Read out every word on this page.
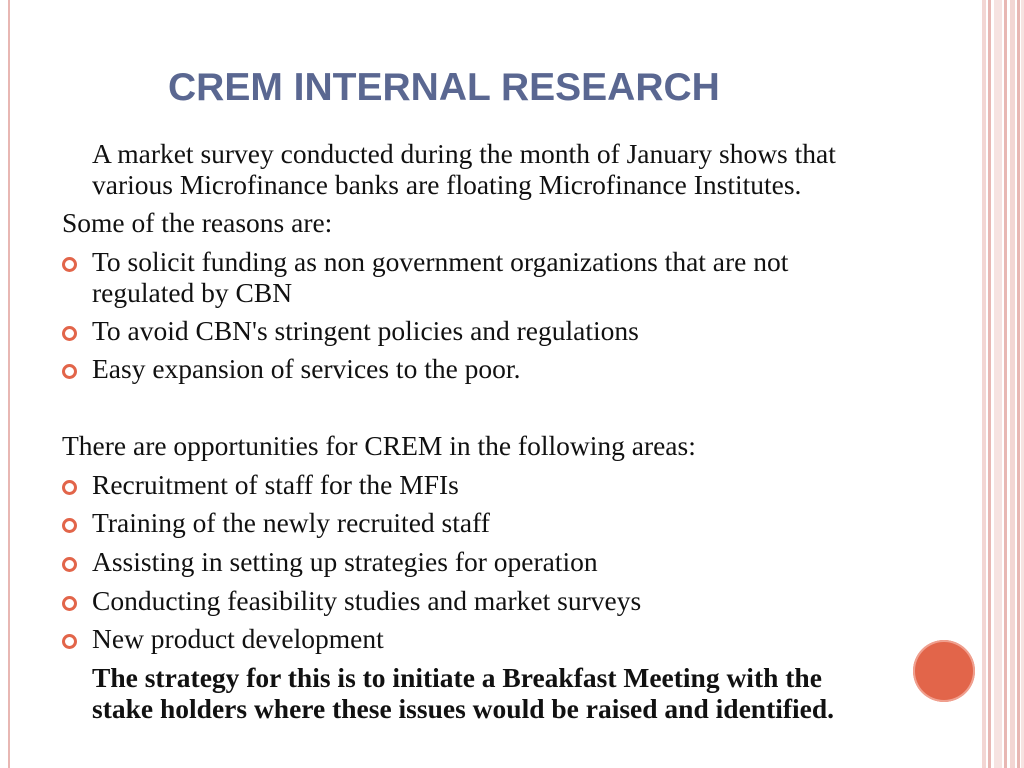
CREM INTERNAL RESEARCH
A market survey conducted during the month of January shows that
various Microfinance banks are floating Microfinance Institutes.
Some of the reasons are:
To solicit funding as non government organizations that are not
regulated by CBN
To avoid CBN's stringent policies and regulations
Easy expansion of services to the poor.
There are opportunities for CREM in the following areas:
Recruitment of staff for the MFIs
Training of the newly recruited staff
Assisting in setting up strategies for operation
Conducting feasibility studies and market surveys
New product development
The strategy for this is to initiate a Breakfast Meeting with the
stake holders where these issues would be raised and identified.
